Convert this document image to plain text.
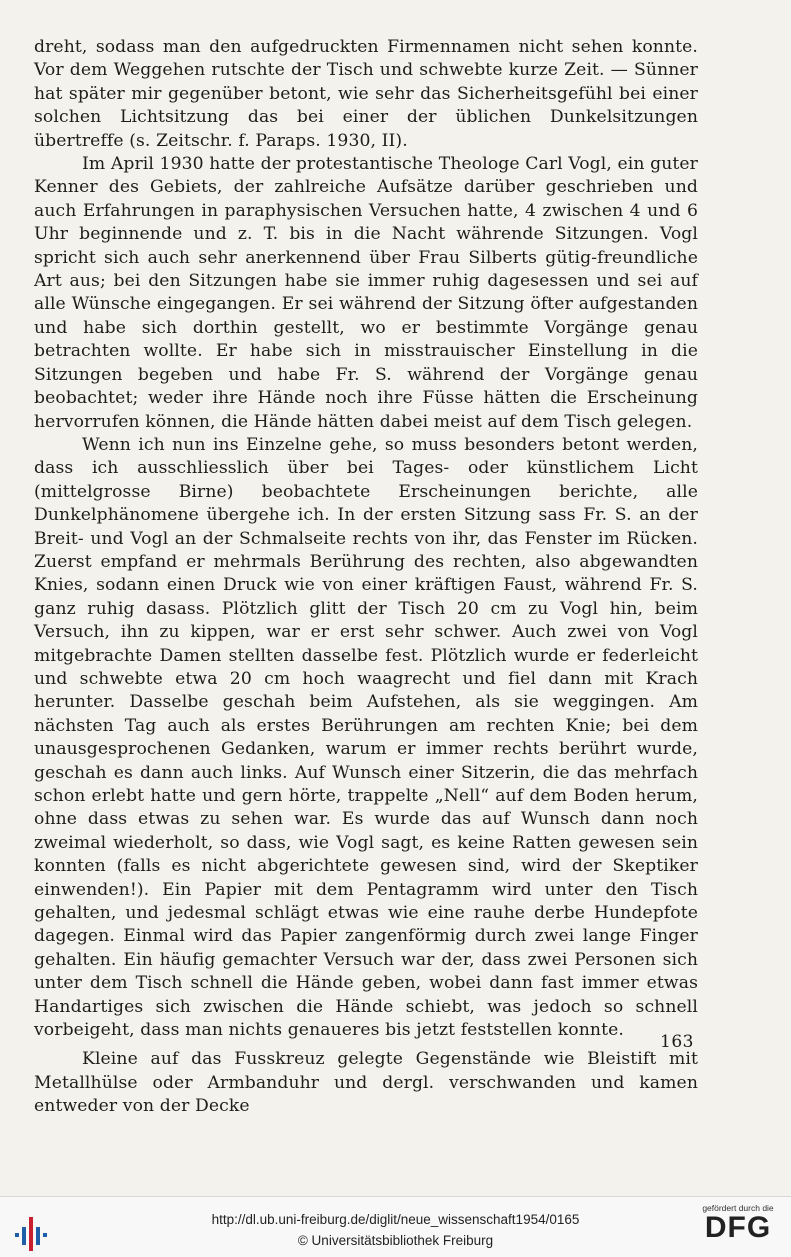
dreht, sodass man den aufgedruckten Firmennamen nicht sehen konnte. Vor dem Weggehen rutschte der Tisch und schwebte kurze Zeit. — Sünner hat später mir gegenüber betont, wie sehr das Sicherheitsgefühl bei einer solchen Lichtsitzung das bei einer der üblichen Dunkelsitzungen übertreffe (s. Zeitschr. f. Paraps. 1930, II).

Im April 1930 hatte der protestantische Theologe Carl Vogl, ein guter Kenner des Gebiets, der zahlreiche Aufsätze darüber geschrieben und auch Erfahrungen in paraphysischen Versuchen hatte, 4 zwischen 4 und 6 Uhr beginnende und z. T. bis in die Nacht währende Sitzungen. Vogl spricht sich auch sehr anerkennend über Frau Silberts gütig-freundliche Art aus; bei den Sitzungen habe sie immer ruhig dagesessen und sei auf alle Wünsche eingegangen. Er sei während der Sitzung öfter aufgestanden und habe sich dorthin gestellt, wo er bestimmte Vorgänge genau betrachten wollte. Er habe sich in misstrauischer Einstellung in die Sitzungen begeben und habe Fr. S. während der Vorgänge genau beobachtet; weder ihre Hände noch ihre Füsse hätten die Erscheinung hervorrufen können, die Hände hätten dabei meist auf dem Tisch gelegen.

Wenn ich nun ins Einzelne gehe, so muss besonders betont werden, dass ich ausschliesslich über bei Tages- oder künstlichem Licht (mittelgrosse Birne) beobachtete Erscheinungen berichte, alle Dunkelphänomene übergehe ich. In der ersten Sitzung sass Fr. S. an der Breit- und Vogl an der Schmalseite rechts von ihr, das Fenster im Rücken. Zuerst empfand er mehrmals Berührung des rechten, also abgewandten Knies, sodann einen Druck wie von einer kräftigen Faust, während Fr. S. ganz ruhig dasass. Plötzlich glitt der Tisch 20 cm zu Vogl hin, beim Versuch, ihn zu kippen, war er erst sehr schwer. Auch zwei von Vogl mitgebrachte Damen stellten dasselbe fest. Plötzlich wurde er federleicht und schwebte etwa 20 cm hoch waagrecht und fiel dann mit Krach herunter. Dasselbe geschah beim Aufstehen, als sie weggingen. Am nächsten Tag auch als erstes Berührungen am rechten Knie; bei dem unausgesprochenen Gedanken, warum er immer rechts berührt wurde, geschah es dann auch links. Auf Wunsch einer Sitzerin, die das mehrfach schon erlebt hatte und gern hörte, trappelte „Nell“ auf dem Boden herum, ohne dass etwas zu sehen war. Es wurde das auf Wunsch dann noch zweimal wiederholt, so dass, wie Vogl sagt, es keine Ratten gewesen sein konnten (falls es nicht abgerichtete gewesen sind, wird der Skeptiker einwenden!). Ein Papier mit dem Pentagramm wird unter den Tisch gehalten, und jedesmal schlägt etwas wie eine rauhe derbe Hundepfote dagegen. Einmal wird das Papier zangenförmig durch zwei lange Finger gehalten. Ein häufig gemachter Versuch war der, dass zwei Personen sich unter dem Tisch schnell die Hände geben, wobei dann fast immer etwas Handartiges sich zwischen die Hände schiebt, was jedoch so schnell vorbeigeht, dass man nichts genaueres bis jetzt feststellen konnte.

Kleine auf das Fusskreuz gelegte Gegenstände wie Bleistift mit Metallhülse oder Armbanduhr und dergl. verschwanden und kamen entweder von der Decke

163
http://dl.ub.uni-freiburg.de/diglit/neue_wissenschaft1954/0165
© Universitätsbibliothek Freiburg
gefördert durch die
DFG
